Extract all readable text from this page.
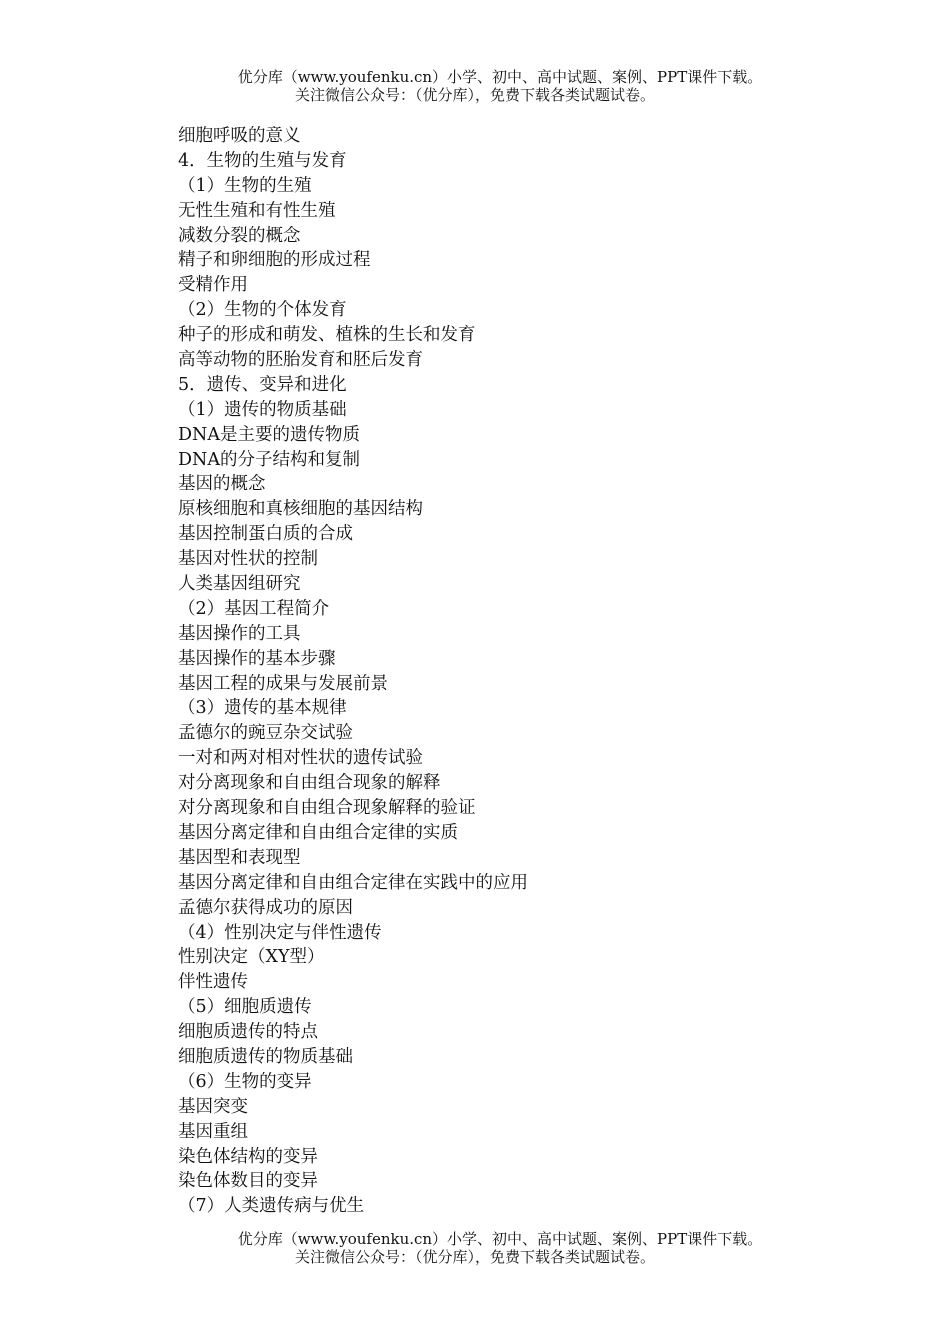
优分库（www.youfenku.cn）小学、初中、高中试题、案例、PPT课件下载。
关注微信公众号：（优分库），免费下载各类试题试卷。
细胞呼吸的意义
4．生物的生殖与发育
（1）生物的生殖
无性生殖和有性生殖
减数分裂的概念
精子和卵细胞的形成过程
受精作用
（2）生物的个体发育
种子的形成和萌发、植株的生长和发育
高等动物的胚胎发育和胚后发育
5．遗传、变异和进化
（1）遗传的物质基础
DNA是主要的遗传物质
DNA的分子结构和复制
基因的概念
原核细胞和真核细胞的基因结构
基因控制蛋白质的合成
基因对性状的控制
人类基因组研究
（2）基因工程简介
基因操作的工具
基因操作的基本步骤
基因工程的成果与发展前景
（3）遗传的基本规律
孟德尔的豌豆杂交试验
一对和两对相对性状的遗传试验
对分离现象和自由组合现象的解释
对分离现象和自由组合现象解释的验证
基因分离定律和自由组合定律的实质
基因型和表现型
基因分离定律和自由组合定律在实践中的应用
孟德尔获得成功的原因
（4）性别决定与伴性遗传
性别决定（XY型）
伴性遗传
（5）细胞质遗传
细胞质遗传的特点
细胞质遗传的物质基础
（6）生物的变异
基因突变
基因重组
染色体结构的变异
染色体数目的变异
（7）人类遗传病与优生
优分库（www.youfenku.cn）小学、初中、高中试题、案例、PPT课件下载。
关注微信公众号：（优分库），免费下载各类试题试卷。
